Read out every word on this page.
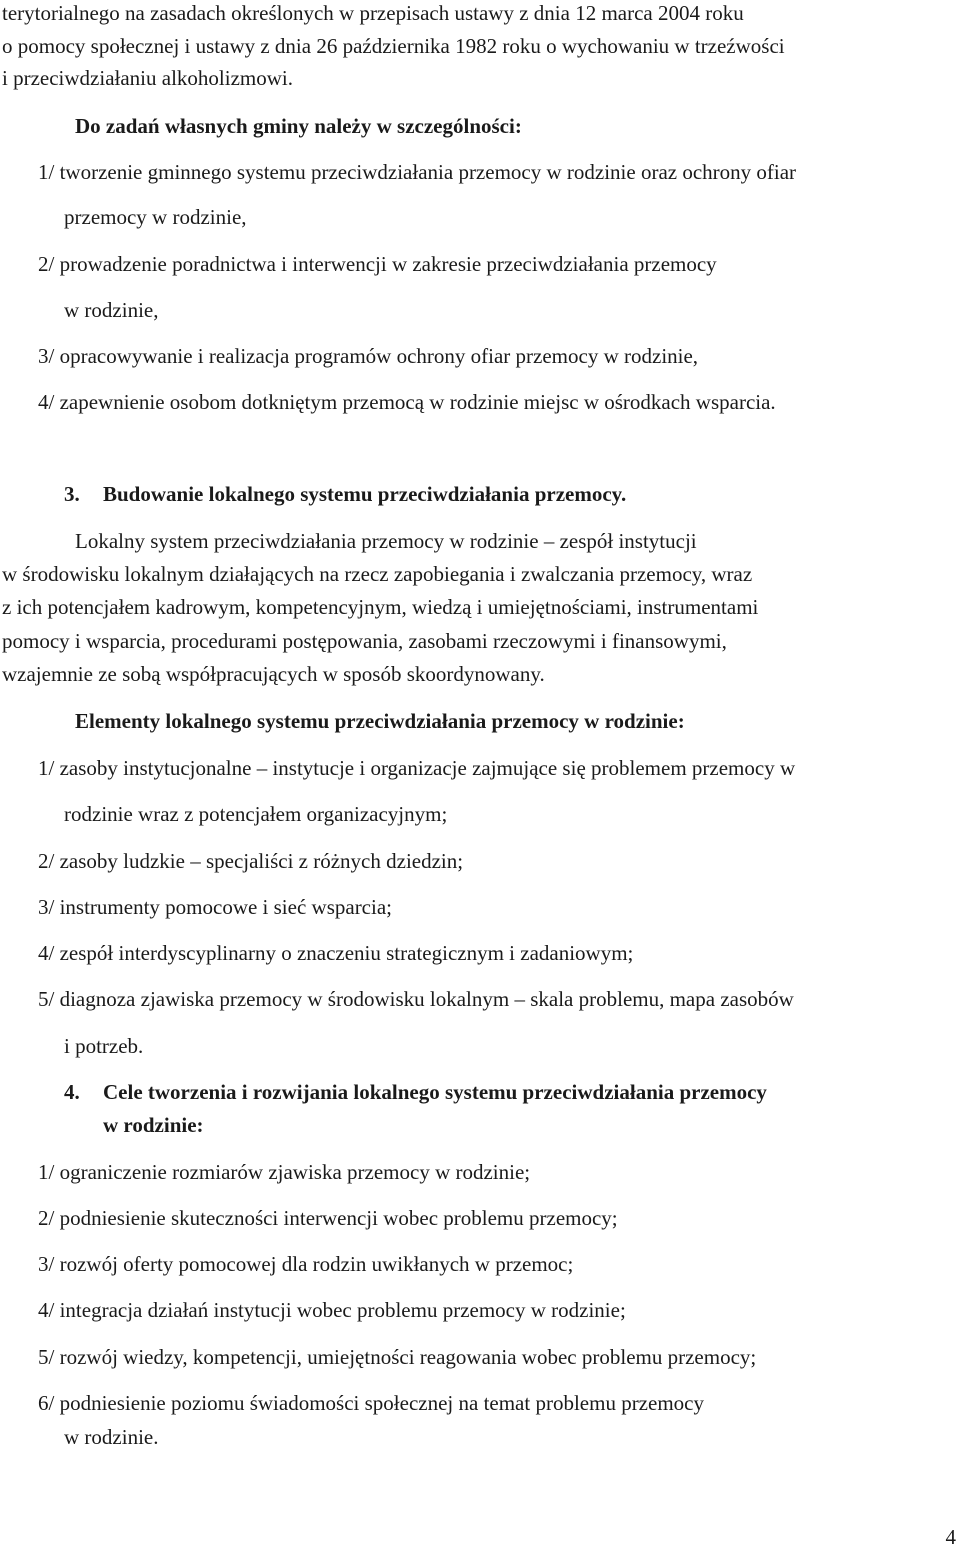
terytorialnego na zasadach określonych w przepisach ustawy z dnia 12 marca 2004 roku
o pomocy społecznej i ustawy z dnia 26 października 1982 roku o wychowaniu w trzeźwości
i przeciwdziałaniu alkoholizmowi.
Do zadań własnych gminy należy w szczególności:
1/ tworzenie gminnego systemu przeciwdziałania przemocy w rodzinie oraz ochrony ofiar
przemocy w rodzinie,
2/ prowadzenie poradnictwa i interwencji w zakresie przeciwdziałania przemocy
w rodzinie,
3/ opracowywanie i realizacja programów ochrony ofiar przemocy w rodzinie,
4/ zapewnienie osobom dotkniętym przemocą w rodzinie miejsc w ośrodkach wsparcia.
3. Budowanie lokalnego systemu przeciwdziałania przemocy.
Lokalny system przeciwdziałania przemocy w rodzinie – zespół instytucji
w środowisku lokalnym działających na rzecz zapobiegania i zwalczania przemocy, wraz
z ich potencjałem kadrowym, kompetencyjnym, wiedzą i umiejętnościami, instrumentami
pomocy i wsparcia, procedurami postępowania, zasobami rzeczowymi i finansowymi,
wzajemnie ze sobą współpracujących w sposób skoordynowany.
Elementy lokalnego systemu przeciwdziałania przemocy w rodzinie:
1/ zasoby instytucjonalne – instytucje i organizacje zajmujące się problemem przemocy w
rodzinie wraz z potencjałem organizacyjnym;
2/ zasoby ludzkie – specjaliści z różnych dziedzin;
3/ instrumenty pomocowe i sieć wsparcia;
4/ zespół interdyscyplinarny o znaczeniu strategicznym i zadaniowym;
5/ diagnoza zjawiska przemocy w środowisku lokalnym – skala problemu, mapa zasobów
i potrzeb.
4. Cele tworzenia i rozwijania lokalnego systemu przeciwdziałania przemocy
w rodzinie:
1/ ograniczenie rozmiarów zjawiska przemocy w rodzinie;
2/ podniesienie skuteczności interwencji wobec problemu przemocy;
3/ rozwój oferty pomocowej dla rodzin uwikłanych w przemoc;
4/ integracja działań instytucji wobec problemu przemocy w rodzinie;
5/ rozwój wiedzy, kompetencji, umiejętności reagowania wobec problemu przemocy;
6/ podniesienie poziomu świadomości społecznej na temat problemu przemocy
w rodzinie.
4
